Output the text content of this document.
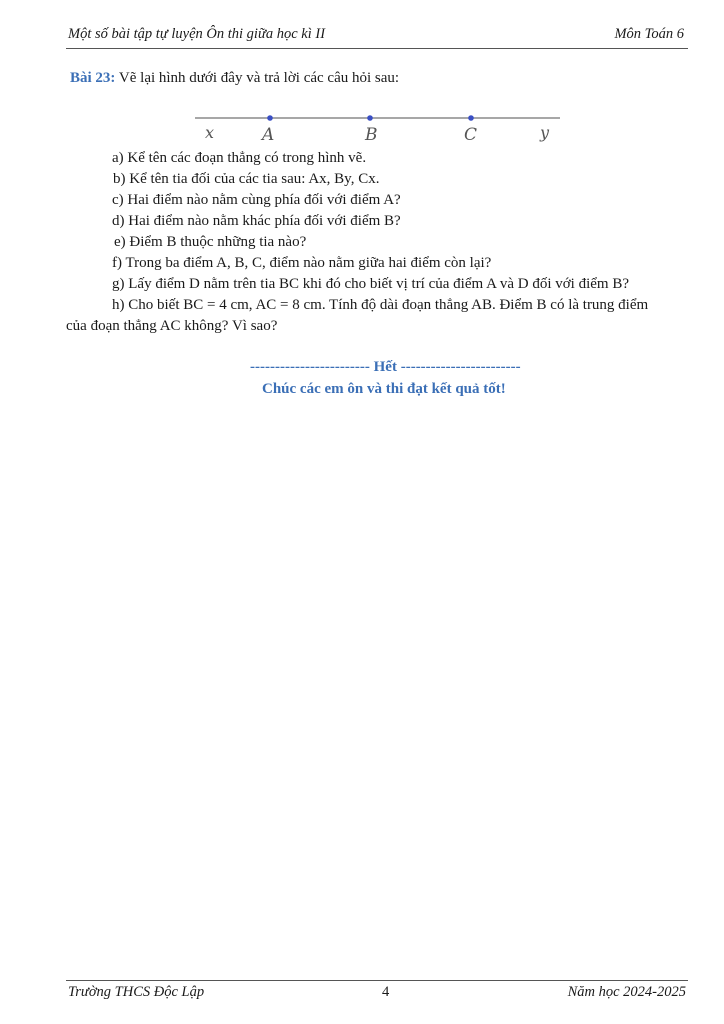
Một số bài tập tự luyện Ôn thi giữa học kì II	Môn Toán 6
Bài 23: Vẽ lại hình dưới đây và trả lời các câu hỏi sau:
x	A	B	C	y
a) Kể tên các đoạn thẳng có trong hình vẽ.
b) Kể tên tia đối của các tia sau: Ax, By, Cx.
c) Hai điểm nào nằm cùng phía đối với điểm A?
d) Hai điểm nào nằm khác phía đối với điểm B?
e) Điểm B thuộc những tia nào?
f) Trong ba điểm A, B, C, điểm nào nằm giữa hai điểm còn lại?
g) Lấy điểm D nằm trên tia BC khi đó cho biết vị trí của điểm A và D đối với điểm B?
h) Cho biết BC = 4 cm, AC = 8 cm. Tính độ dài đoạn thẳng AB. Điểm B có là trung điểm
của đoạn thẳng AC không? Vì sao?
------------------------ Hết ------------------------
Chúc các em ôn và thi đạt kết quả tốt!
Trường THCS Độc Lập	4	Năm học 2024-2025
